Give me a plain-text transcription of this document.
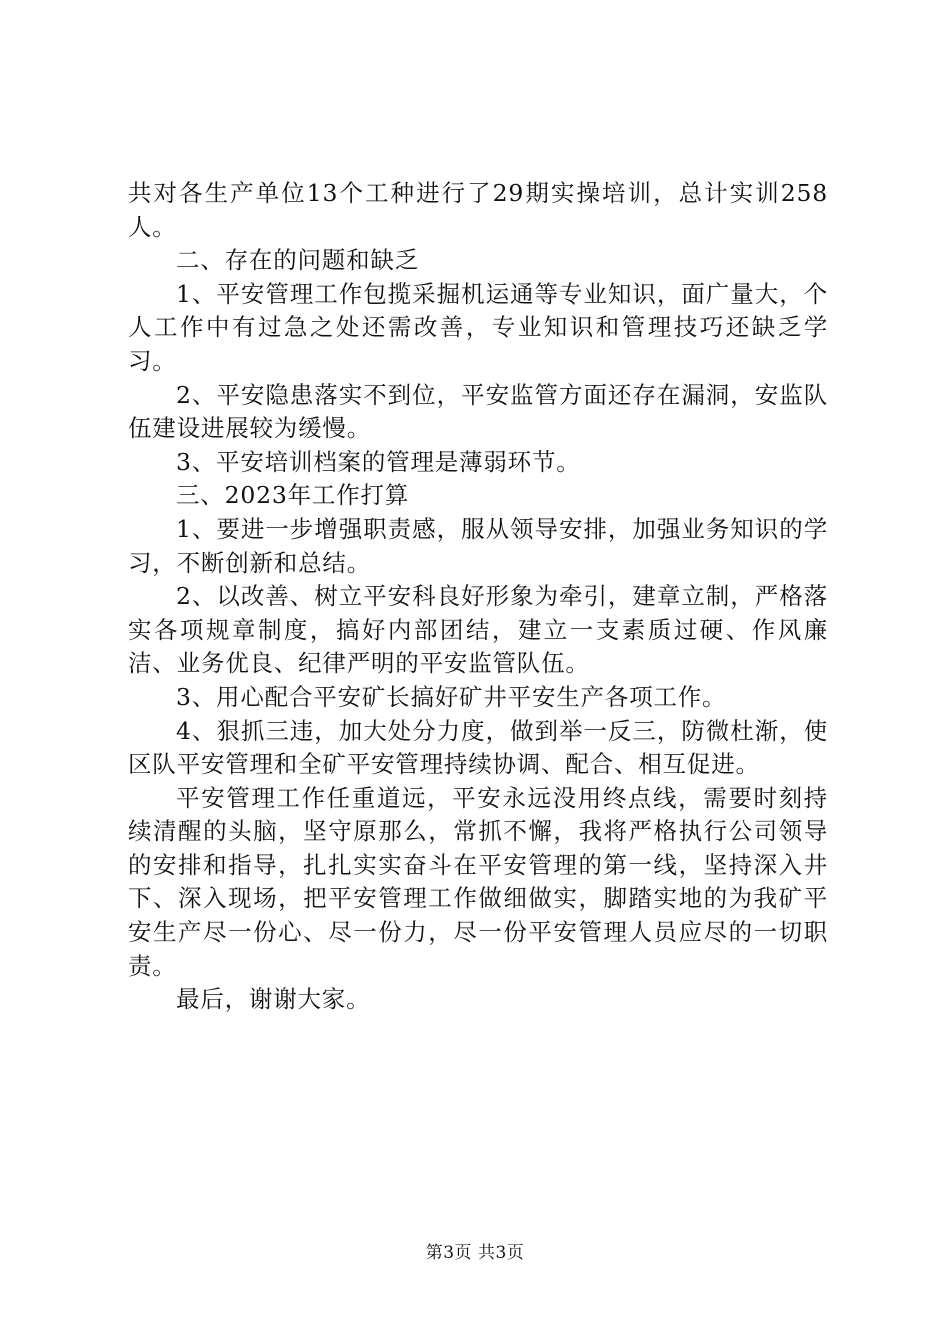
共对各生产单位13个工种进行了29期实操培训，总计实训258人。

二、存在的问题和缺乏

1、平安管理工作包揽采掘机运通等专业知识，面广量大，个人工作中有过急之处还需改善，专业知识和管理技巧还缺乏学习。

2、平安隐患落实不到位，平安监管方面还存在漏洞，安监队伍建设进展较为缓慢。

3、平安培训档案的管理是薄弱环节。

三、2023年工作打算

1、要进一步增强职责感，服从领导安排，加强业务知识的学习，不断创新和总结。

2、以改善、树立平安科良好形象为牵引，建章立制，严格落实各项规章制度，搞好内部团结，建立一支素质过硬、作风廉洁、业务优良、纪律严明的平安监管队伍。

3、用心配合平安矿长搞好矿井平安生产各项工作。

4、狠抓三违，加大处分力度，做到举一反三，防微杜渐，使区队平安管理和全矿平安管理持续协调、配合、相互促进。

平安管理工作任重道远，平安永远没用终点线，需要时刻持续清醒的头脑，坚守原那么，常抓不懈，我将严格执行公司领导的安排和指导，扎扎实实奋斗在平安管理的第一线，坚持深入井下、深入现场，把平安管理工作做细做实，脚踏实地的为我矿平安生产尽一份心、尽一份力，尽一份平安管理人员应尽的一切职责。

最后，谢谢大家。

第3页 共3页
